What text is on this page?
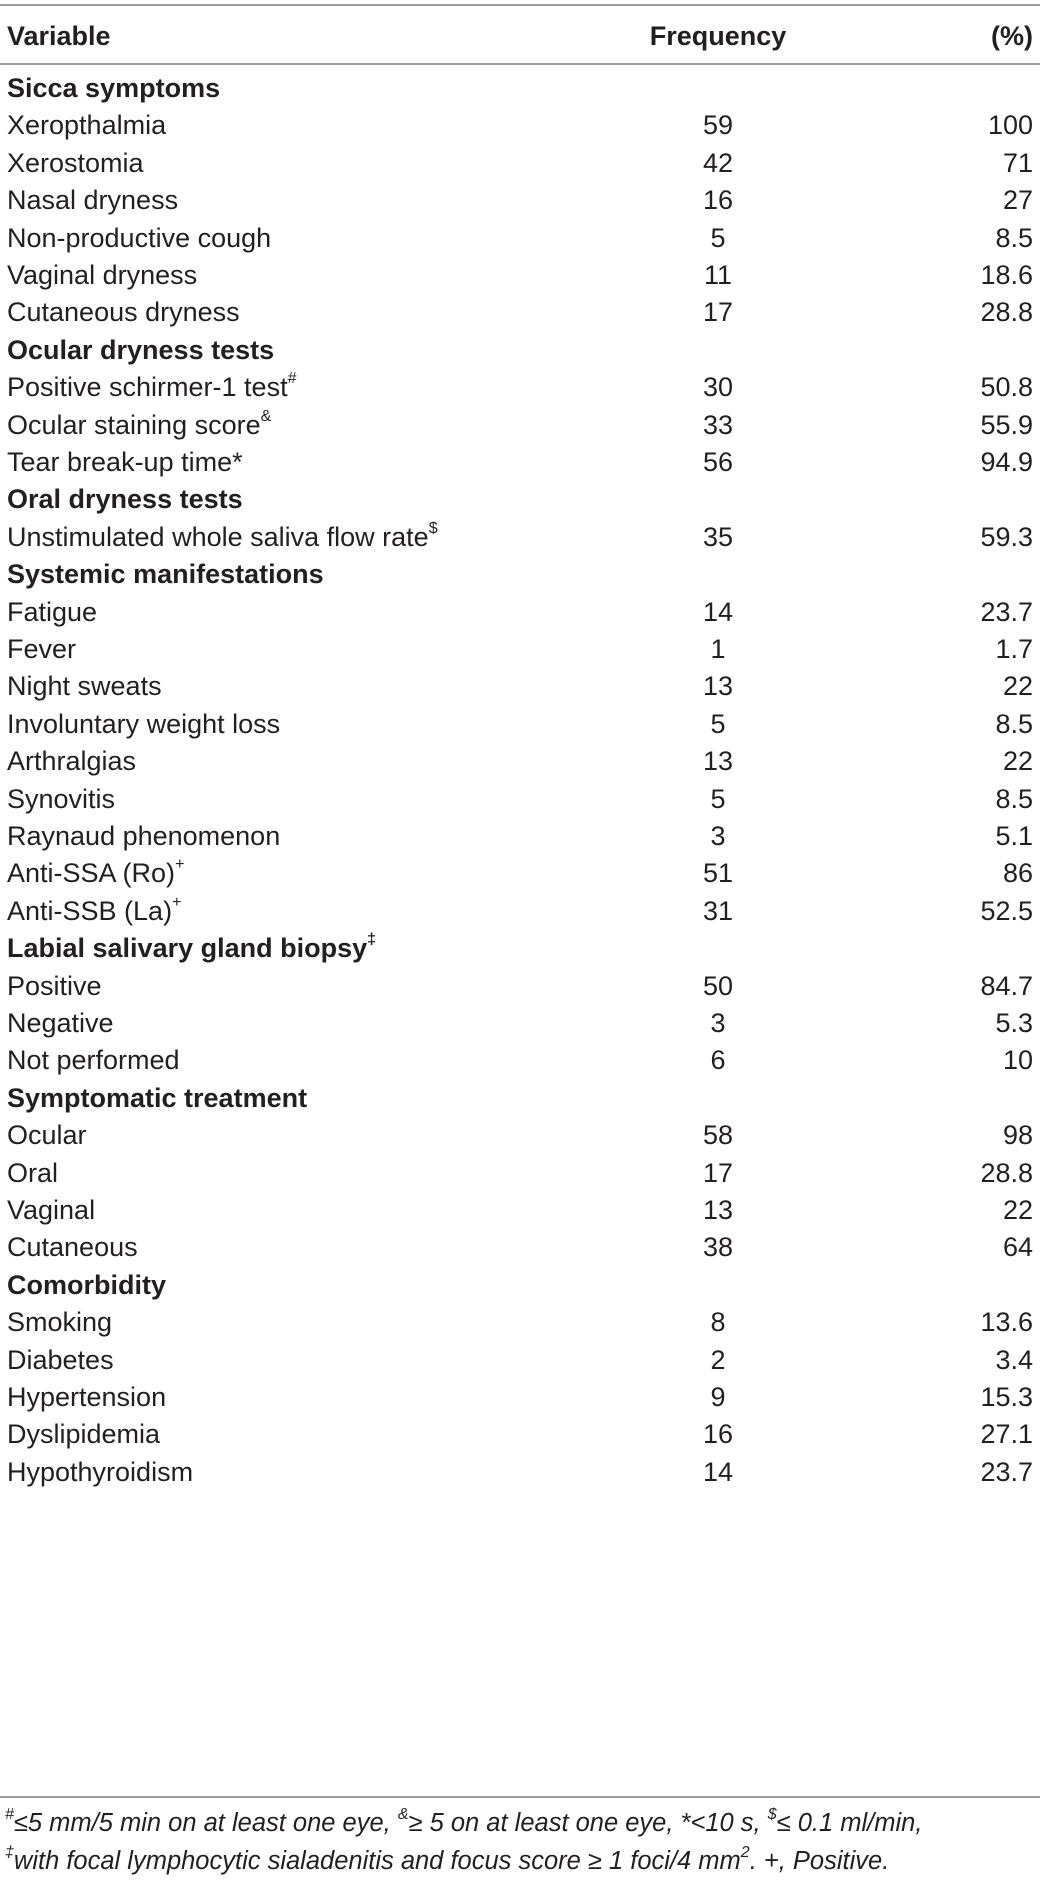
Variable	Frequency	(%)
Sicca symptoms
Xeropthalmia	59	100
Xerostomia	42	71
Nasal dryness	16	27
Non-productive cough	5	8.5
Vaginal dryness	11	18.6
Cutaneous dryness	17	28.8
Ocular dryness tests
Positive schirmer-1 test#	30	50.8
Ocular staining score&	33	55.9
Tear break-up time*	56	94.9
Oral dryness tests
Unstimulated whole saliva flow rate$	35	59.3
Systemic manifestations
Fatigue	14	23.7
Fever	1	1.7
Night sweats	13	22
Involuntary weight loss	5	8.5
Arthralgias	13	22
Synovitis	5	8.5
Raynaud phenomenon	3	5.1
Anti-SSA (Ro)+	51	86
Anti-SSB (La)+	31	52.5
Labial salivary gland biopsy‡
Positive	50	84.7
Negative	3	5.3
Not performed	6	10
Symptomatic treatment
Ocular	58	98
Oral	17	28.8
Vaginal	13	22
Cutaneous	38	64
Comorbidity
Smoking	8	13.6
Diabetes	2	3.4
Hypertension	9	15.3
Dyslipidemia	16	27.1
Hypothyroidism	14	23.7

#≤5 mm/5 min on at least one eye, &≥ 5 on at least one eye, *<10 s, $≤ 0.1 ml/min,

‡with focal lymphocytic sialadenitis and focus score ≥ 1 foci/4 $mm^2$. +, Positive.
